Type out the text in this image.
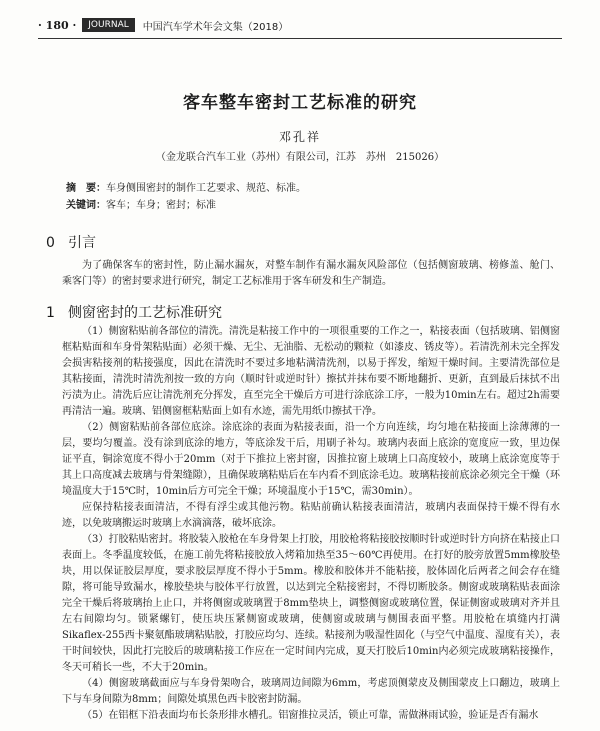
· 180 ·	JOURNAL	中国汽车学术年会文集（2018）
客车整车密封工艺标准的研究
邓孔祥
（金龙联合汽车工业（苏州）有限公司，江苏　苏州　215026）
摘　要：车身侧围密封的制作工艺要求、规范、标准。
关键词：客车；车身；密封；标准
0 引言

为了确保客车的密封性，防止漏水漏灰，对整车制作有漏水漏灰风险部位（包括侧窗玻璃、榜修盖、舱门、乘客门等）的密封要求进行研究，制定工艺标准用于客车研发和生产制造。

1 侧窗密封的工艺标准研究

（1）侧窗粘贴前各部位的清洗。清洗是粘接工作中的一项很重要的工作之一，粘接表面（包括玻璃、铝侧窗框粘贴面和车身骨架粘贴面）必须干燥、无尘、无油脂、无松动的颗粒（如漆皮、锈皮等）。若清洗剂未完全挥发会损害粘接剂的粘接强度，因此在清洗时不要过多地粘满清洗剂，以易于挥发，缩短干燥时间。主要清洗部位是其粘接面，清洗时清洗剂按一致的方向（顺时针或逆时针）擦拭并抹布要不断地翻折、更新，直到最后抹拭不出污渍为止。清洗后应让清洗剂充分挥发，直至完全干燥后方可进行涂底涂工序，一般为10min左右。超过2h需要再清洁一遍。玻璃、铝侧窗框粘贴面上如有水迹，需先用纸巾擦拭干净。

（2）侧窗粘贴前各部位底涂。涂底涂的表面为粘接表面，沿一个方向连续，均匀地在粘接面上涂薄薄的一层，要均匀覆盖。没有涂到底涂的地方，等底涂发干后，用刷子补勾。玻璃内表面上底涂的宽度应一致，里边保证平直，铜涂宽度不得小于20mm（对于下推拉上密封窗，因推拉窗上玻璃上口高度较小，玻璃上底涂宽度等于其上口高度减去玻璃与骨架缝隙），且确保玻璃粘贴后在车内看不到底涂毛边。玻璃粘接前底涂必须完全干燥（环境温度大于15℃时，10min后方可完全干燥；环境温度小于15℃，需30min）。

应保持粘接表面清洁，不得有浮尘或其他污物。粘贴前确认粘接表面清洁，玻璃内表面保持干燥不得有水迹，以免玻璃搬运时玻璃上水滴滴落，破坏底涂。

（3）打胶粘贴密封。将胶装入胶枪在车身骨架上打胶，用胶枪将粘接胶按顺时针或逆时针方向挤在粘接止口表面上。冬季温度较低，在施工前先将粘接胶放入烤箱加热至35～60℃再使用。在打好的胶旁放置5mm橡胶垫块，用以保证胶层厚度，要求胶层厚度不得小于5mm。橡胶和胶体并不能粘接，胶体固化后两者之间会存在缝隙，将可能导致漏水，橡胶垫块与胶体平行放置，以达到完全粘接密封，不得切断胶条。侧窗或玻璃粘贴表面涂完全干燥后将玻璃抬上止口，并将侧窗或玻璃置于8mm垫块上，调整侧窗或玻璃位置，保证侧窗或玻璃对齐并且左右间隙均匀。锁紧螺钉，使压块压紧侧窗或玻璃，使侧窗或玻璃与侧围表面平整。用胶枪在填缝内打满Sikaflex-255西卡聚氨酯玻璃粘贴胶，打胶应均匀、连续。粘接剂为吸湿性固化（与空气中温度、湿度有关），表干时间较快，因此打完胶后的玻璃粘接工作应在一定时间内完成，夏天打胶后10min内必须完成玻璃粘接操作，冬天可稍长一些，不大于20min。

（4）侧窗玻璃截面应与车身骨架吻合，玻璃周边间隙为6mm，考虑顶侧蒙皮及侧围蒙皮上口翻边，玻璃上下与车身间隙为8mm；间隙处填黑色西卡胶密封防漏。

（5）在铝框下沿表面均布长条形排水槽孔。铝窗推拉灵活，锁止可靠，需做淋雨试验，验证是否有漏水
